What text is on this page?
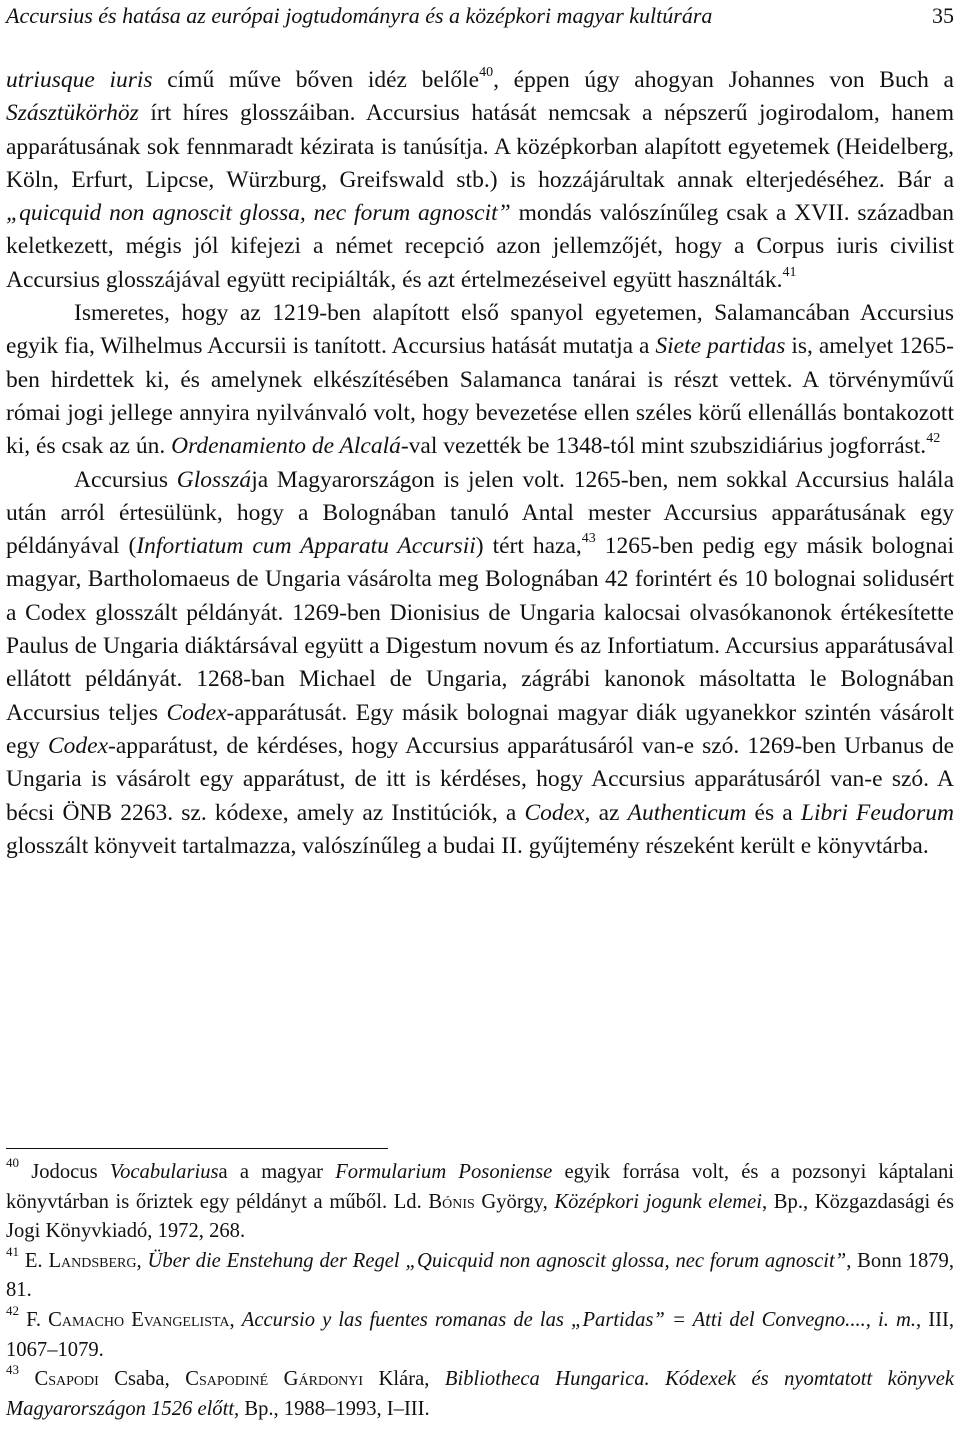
Accursius és hatása az európai jogtudományra és a középkori magyar kultúrára	35

utriusque iuris című műve bőven idéz belőle$^{40}$, éppen úgy ahogyan Johannes von Buch a Szásztükörhöz írt híres glosszáiban. Accursius hatását nemcsak a népszerű jogirodalom, hanem apparátusának sok fennmaradt kézirata is tanúsítja. A középkorban alapított egyetemek (Heidelberg, Köln, Erfurt, Lipcse, Würzburg, Greifswald stb.) is hozzájárultak annak elterjedéséhez. Bár a „quicquid non agnoscit glossa, nec forum agnoscit” mondás valószínűleg csak a XVII. században keletkezett, mégis jól kifejezi a német recepció azon jellemzőjét, hogy a Corpus iuris civilist Accursius glosszájával együtt recipiálták, és azt értelmezéseivel együtt használták.$^{41}$

Ismeretes, hogy az 1219-ben alapított első spanyol egyetemen, Salamancában Accursius egyik fia, Wilhelmus Accursii is tanított. Accursius hatását mutatja a Siete partidas is, amelyet 1265-ben hirdettek ki, és amelynek elkészítésében Salamanca tanárai is részt vettek. A törvényművű római jogi jellege annyira nyilvánvaló volt, hogy bevezetése ellen széles körű ellenállás bontakozott ki, és csak az ún. Ordenamiento de Alcalá-val vezették be 1348-tól mint szubszidiárius jogforrást.$^{42}$

Accursius Glosszája Magyarországon is jelen volt. 1265-ben, nem sokkal Accursius halála után arról értesülünk, hogy a Bolognában tanuló Antal mester Accursius apparátusának egy példányával (Infortiatum cum Apparatu Accursii) tért haza,$^{43}$ 1265-ben pedig egy másik bolognai magyar, Bartholomaeus de Ungaria vásárolta meg Bolognában 42 forintért és 10 bolognai solidusért a Codex glosszált példányát. 1269-ben Dionisius de Ungaria kalocsai olvasókanonok értékesítette Paulus de Ungaria diáktársával együtt a Digestum novum és az Infortiatum. Accursius apparátusával ellátott példányát. 1268-ban Michael de Ungaria, zágrábi kanonok másoltatta le Bolognában Accursius teljes Codex-apparátusát. Egy másik bolognai magyar diák ugyanekkor szintén vásárolt egy Codex-apparátust, de kérdéses, hogy Accursius apparátusáról van-e szó. 1269-ben Urbanus de Ungaria is vásárolt egy apparátust, de itt is kérdéses, hogy Accursius apparátusáról van-e szó. A bécsi ÖNB 2263. sz. kódexe, amely az Institúciók, a Codex, az Authenticum és a Libri Feudorum glosszált könyveit tartalmazza, valószínűleg a budai II. gyűjtemény részeként került e könyvtárba.

$^{40}$ Jodocus Vocabulariusa a magyar Formularium Posoniense egyik forrása volt, és a pozsonyi káptalani könyvtárban is őriztek egy példányt a műből. Ld. Bónis György, Középkori jogunk elemei, Bp., Közgazdasági és Jogi Könyvkiadó, 1972, 268.

$^{41}$ E. Landsberg, Über die Enstehung der Regel „Quicquid non agnoscit glossa, nec forum agnoscit”, Bonn 1879, 81.

$^{42}$ F. Camacho Evangelista, Accursio y las fuentes romanas de las „Partidas” = Atti del Convegno...., i. m., III, 1067–1079.

$^{43}$ Csapodi Csaba, Csapodiné Gárdonyi Klára, Bibliotheca Hungarica. Kódexek és nyomtatott könyvek Magyarországon 1526 előtt, Bp., 1988–1993, I–III.
